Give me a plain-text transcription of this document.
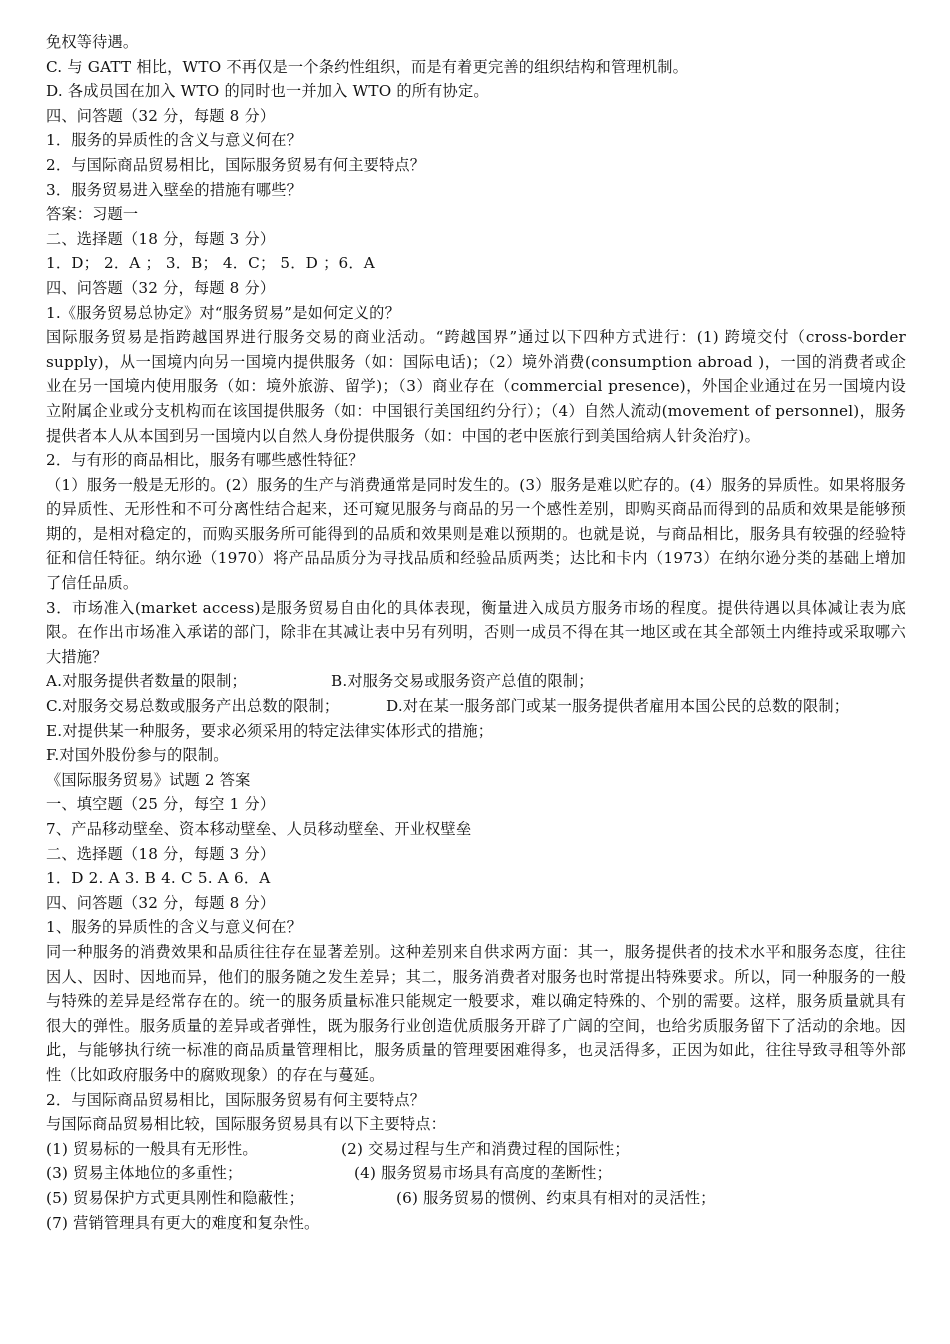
免权等待遇。
C. 与 GATT 相比，WTO 不再仅是一个条约性组织，而是有着更完善的组织结构和管理机制。
D. 各成员国在加入 WTO 的同时也一并加入 WTO 的所有协定。
四、问答题（32 分，每题 8 分）
1．服务的异质性的含义与意义何在？
2．与国际商品贸易相比，国际服务贸易有何主要特点？
3．服务贸易进入壁垒的措施有哪些？
答案：习题一
二、选择题（18 分，每题 3 分）
1．D； 2．A ； 3．B； 4．C； 5．D ；6．A
四、问答题（32 分，每题 8 分）
1.《服务贸易总协定》对“服务贸易”是如何定义的？
国际服务贸易是指跨越国界进行服务交易的商业活动。“跨越国界”通过以下四种方式进行：(1) 跨境交付（cross-border supply)，从一国境内向另一国境内提供服务（如：国际电话)；（2）境外消费(consumption abroad )，一国的消费者或企业在另一国境内使用服务（如：境外旅游、留学)；（3）商业存在（commercial presence)，外国企业通过在另一国境内设立附属企业或分支机构而在该国提供服务（如：中国银行美国纽约分行）；（4）自然人流动(movement of personnel)，服务提供者本人从本国到另一国境内以自然人身份提供服务（如：中国的老中医旅行到美国给病人针灸治疗)。
2．与有形的商品相比，服务有哪些感性特征？
（1）服务一般是无形的。(2）服务的生产与消费通常是同时发生的。(3）服务是难以贮存的。(4）服务的异质性。如果将服务的异质性、无形性和不可分离性结合起来，还可窥见服务与商品的另一个感性差别，即购买商品而得到的品质和效果是能够预期的，是相对稳定的，而购买服务所可能得到的品质和效果则是难以预期的。也就是说，与商品相比，服务具有较强的经验特征和信任特征。纳尔逊（1970）将产品品质分为寻找品质和经验品质两类；达比和卡内（1973）在纳尔逊分类的基础上增加了信任品质。
3．市场准入(market access)是服务贸易自由化的具体表现，衡量进入成员方服务市场的程度。提供待遇以具体减让表为底限。在作出市场准入承诺的部门，除非在其减让表中另有列明，否则一成员不得在其一地区或在其全部领土内维持或采取哪六大措施？
A.对服务提供者数量的限制；	B.对服务交易或服务资产总值的限制；
C.对服务交易总数或服务产出总数的限制；	D.对在某一服务部门或某一服务提供者雇用本国公民的总数的限制；
E.对提供某一种服务，要求必须采用的特定法律实体形式的措施；
F.对国外股份参与的限制。
《国际服务贸易》试题 2 答案
一、填空题（25 分，每空 1 分）
7、产品移动壁垒、资本移动壁垒、人员移动壁垒、开业权壁垒
二、选择题（18 分，每题 3 分）
1．D 2. A 3. B 4. C 5. A 6．A
四、问答题（32 分，每题 8 分）
1、服务的异质性的含义与意义何在？
同一种服务的消费效果和品质往往存在显著差别。这种差别来自供求两方面：其一，服务提供者的技术水平和服务态度，往往因人、因时、因地而异，他们的服务随之发生差异；其二，服务消费者对服务也时常提出特殊要求。所以，同一种服务的一般与特殊的差异是经常存在的。统一的服务质量标准只能规定一般要求，难以确定特殊的、个别的需要。这样，服务质量就具有很大的弹性。服务质量的差异或者弹性，既为服务行业创造优质服务开辟了广阔的空间，也给劣质服务留下了活动的余地。因此，与能够执行统一标准的商品质量管理相比，服务质量的管理要困难得多，也灵活得多，正因为如此，往往导致寻租等外部性（比如政府服务中的腐败现象）的存在与蔓延。
2．与国际商品贸易相比，国际服务贸易有何主要特点？
与国际商品贸易相比较，国际服务贸易具有以下主要特点：
(1) 贸易标的一般具有无形性。	(2) 交易过程与生产和消费过程的国际性；
(3) 贸易主体地位的多重性；	(4) 服务贸易市场具有高度的垄断性；
(5) 贸易保护方式更具刚性和隐蔽性；	(6) 服务贸易的惯例、约束具有相对的灵活性；
(7) 营销管理具有更大的难度和复杂性。
